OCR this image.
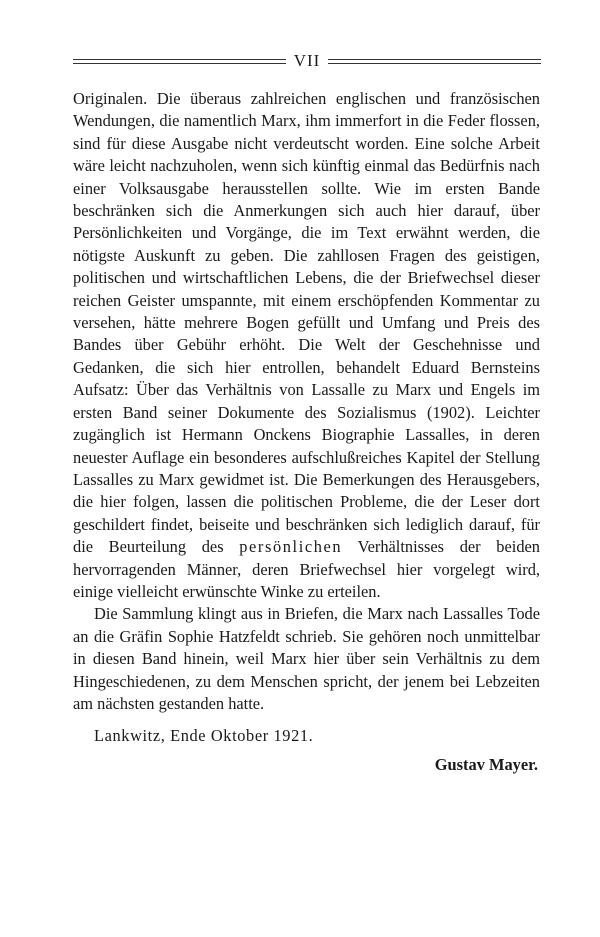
VII

Originalen. Die überaus zahlreichen englischen und französischen Wendungen, die namentlich Marx, ihm immerfort in die Feder flossen, sind für diese Ausgabe nicht verdeutscht worden. Eine solche Arbeit wäre leicht nachzuholen, wenn sich künftig einmal das Bedürfnis nach einer Volksausgabe herausstellen sollte. Wie im ersten Bande beschränken sich die Anmerkungen sich auch hier darauf, über Persönlichkeiten und Vorgänge, die im Text erwähnt werden, die nötigste Auskunft zu geben. Die zahllosen Fragen des geistigen, politischen und wirtschaftlichen Lebens, die der Briefwechsel dieser reichen Geister umspannte, mit einem erschöpfenden Kommentar zu versehen, hätte mehrere Bogen gefüllt und Umfang und Preis des Bandes über Gebühr erhöht. Die Welt der Geschehnisse und Gedanken, die sich hier entrollen, behandelt Eduard Bernsteins Aufsatz: Über das Verhältnis von Lassalle zu Marx und Engels im ersten Band seiner Dokumente des Sozialismus (1902). Leichter zugänglich ist Hermann Onckens Biographie Lassalles, in deren neuester Auflage ein besonderes aufschlußreiches Kapitel der Stellung Lassalles zu Marx gewidmet ist. Die Bemerkungen des Herausgebers, die hier folgen, lassen die politischen Probleme, die der Leser dort geschildert findet, beiseite und beschränken sich lediglich darauf, für die Beurteilung des persönlichen Verhältnisses der beiden hervorragenden Männer, deren Briefwechsel hier vorgelegt wird, einige vielleicht erwünschte Winke zu erteilen.

Die Sammlung klingt aus in Briefen, die Marx nach Lassalles Tode an die Gräfin Sophie Hatzfeldt schrieb. Sie gehören noch unmittelbar in diesen Band hinein, weil Marx hier über sein Verhältnis zu dem Hingeschiedenen, zu dem Menschen spricht, der jenem bei Lebzeiten am nächsten gestanden hatte.

Lankwitz, Ende Oktober 1921.
Gustav Mayer.
